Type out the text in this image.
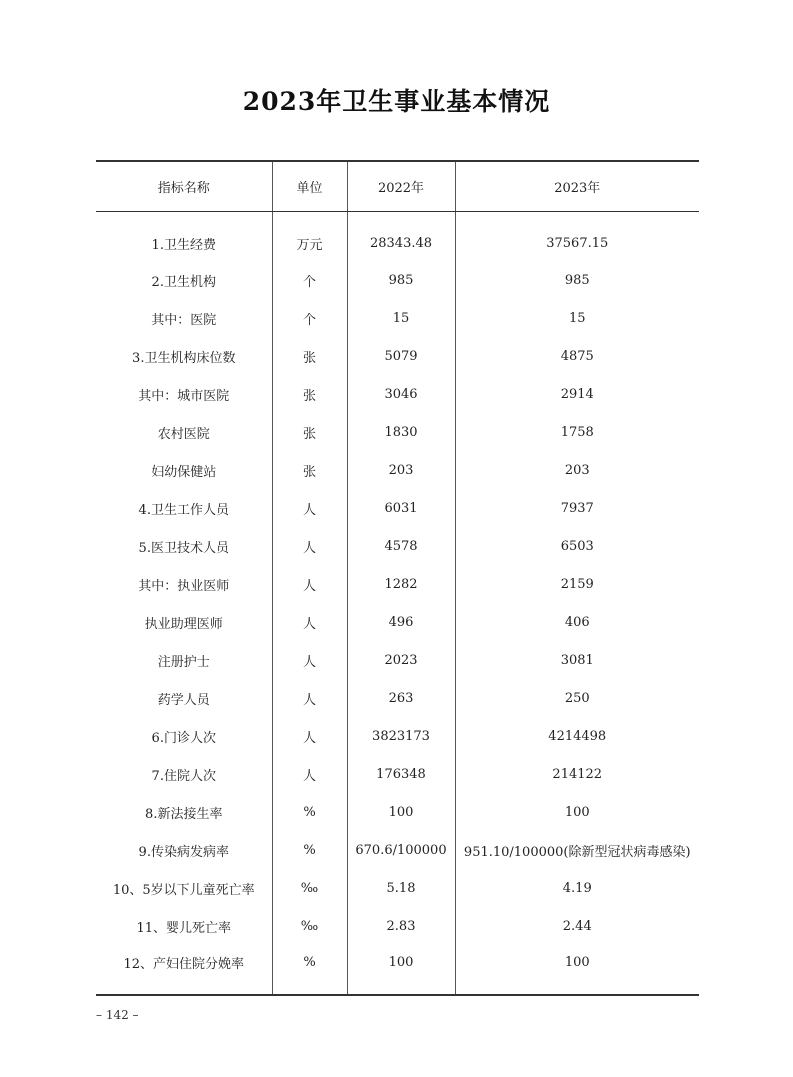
2023年卫生事业基本情况
指标名称	单位	2022年	2023年
1.卫生经费	万元	28343.48	37567.15
2.卫生机构	个	985	985
其中：医院	个	15	15
3.卫生机构床位数	张	5079	4875
其中：城市医院	张	3046	2914
农村医院	张	1830	1758
妇幼保健站	张	203	203
4.卫生工作人员	人	6031	7937
5.医卫技术人员	人	4578	6503
其中：执业医师	人	1282	2159
执业助理医师	人	496	406
注册护士	人	2023	3081
药学人员	人	263	250
6.门诊人次	人	3823173	4214498
7.住院人次	人	176348	214122
8.新法接生率	%	100	100
9.传染病发病率	%	670.6/100000	951.10/100000(除新型冠状病毒感染)
10、5岁以下儿童死亡率	‰	5.18	4.19
11、婴儿死亡率	‰	2.83	2.44
12、产妇住院分娩率	%	100	100
– 142 –
